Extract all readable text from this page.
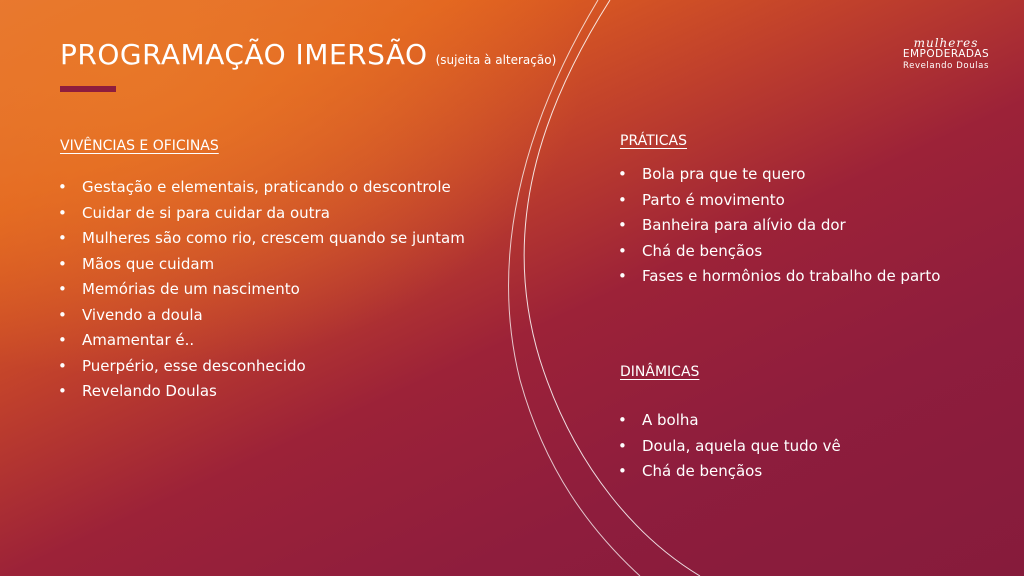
PROGRAMAÇÃO IMERSÃO (sujeita à alteração)
mulheres
EMPODERADAS
Revelando Doulas
VIVÊNCIAS E OFICINAS
• Gestação e elementais, praticando o descontrole
• Cuidar de si para cuidar da outra
• Mulheres são como rio, crescem quando se juntam
• Mãos que cuidam
• Memórias de um nascimento
• Vivendo a doula
• Amamentar é..
• Puerpério, esse desconhecido
• Revelando Doulas
PRÁTICAS
• Bola pra que te quero
• Parto é movimento
• Banheira para alívio da dor
• Chá de bençãos
• Fases e hormônios do trabalho de parto
DINÂMICAS
• A bolha
• Doula, aquela que tudo vê
• Chá de bençãos
